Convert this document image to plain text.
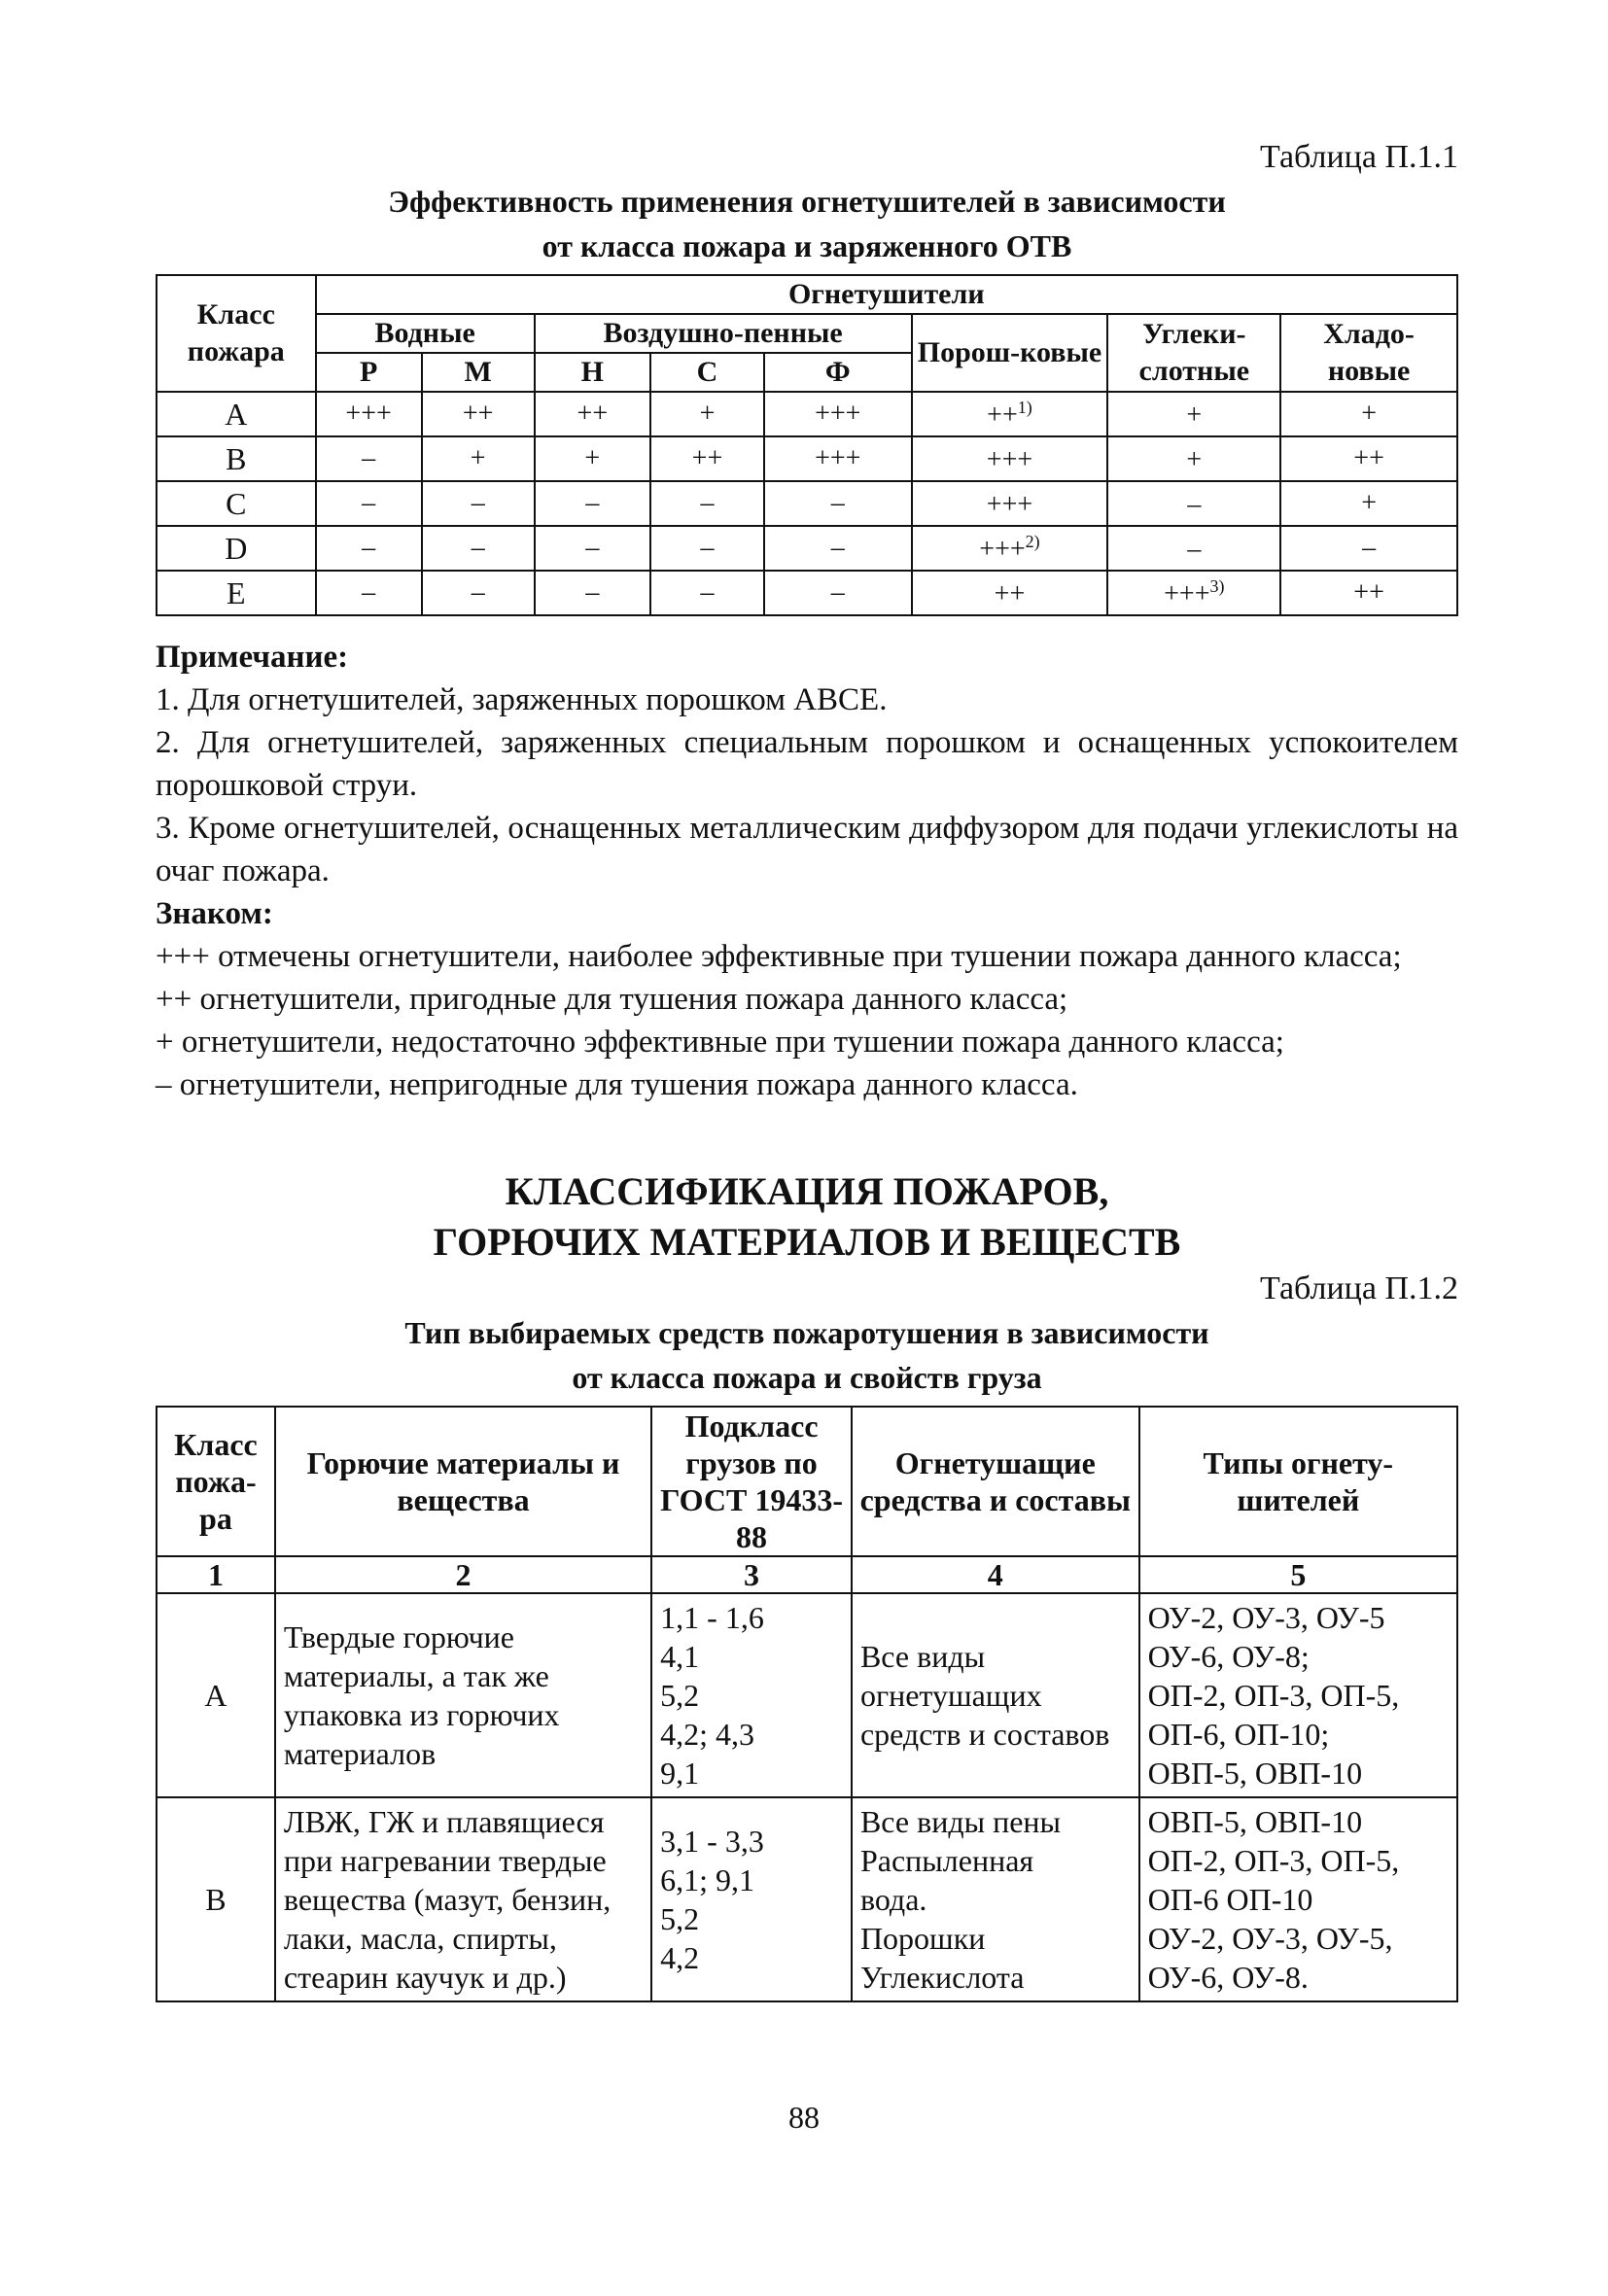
Таблица П.1.1
Эффективность применения огнетушителей в зависимости
от класса пожара и заряженного ОТВ
Класс пожара	Огнетушители							
	Водные		Воздушно-пенные			Порош-ковые	Углеки-слотные	Хладо-новые
	Р	М	Н	С	Ф			
A	+++	++	++	+	+++	++$^{1)}$	+	+
B	–	+	+	++	+++	+++	+	++
C	–	–	–	–	–	+++	–	+
D	–	–	–	–	–	+++$^{2)}$	–	–
E	–	–	–	–	–	++	+++$^{3)}$	++

Примечание:

1. Для огнетушителей, заряженных порошком АВСЕ.

2. Для огнетушителей, заряженных специальным порошком и оснащенных успокоителем порошковой струи.

3. Кроме огнетушителей, оснащенных металлическим диффузором для подачи углекислоты на очаг пожара.

Знаком:

+++ отмечены огнетушители, наиболее эффективные при тушении пожара данного класса;

++ огнетушители, пригодные для тушения пожара данного класса;

+ огнетушители, недостаточно эффективные при тушении пожара данного класса;

– огнетушители, непригодные для тушения пожара данного класса.

КЛАССИФИКАЦИЯ ПОЖАРОВ,
ГОРЮЧИХ МАТЕРИАЛОВ И ВЕЩЕСТВ
Таблица П.1.2
Тип выбираемых средств пожаротушения в зависимости
от класса пожара и свойств груза
Класс пожа-ра	Горючие материалы и вещества	Подкласс грузов по ГОСТ 19433-88	Огнетушащие средства и составы	Типы огнету-шителей
1	2	3	4	5
А	Твердые горючие материалы, а так же упаковка из горючих материалов	1,1 - 1,6
4,1
5,2
4,2; 4,3
9,1	Все виды огнетушащих средств и составов	ОУ-2, ОУ-3, ОУ-5
ОУ-6, ОУ-8;
ОП-2, ОП-3, ОП-5,
ОП-6, ОП-10;
ОВП-5, ОВП-10

В	ЛВЖ, ГЖ и плавящиеся при нагревании твердые вещества (мазут, бензин, лаки, масла, спирты, стеарин каучук и др.)	3,1 - 3,3
6,1; 9,1
5,2
4,2	Все виды пены
Распыленная
вода.
Порошки
Углекислота	ОВП-5, ОВП-10
ОП-2, ОП-3, ОП-5,
ОП-6 ОП-10
ОУ-2, ОУ-3, ОУ-5,
ОУ-6, ОУ-8.
88
